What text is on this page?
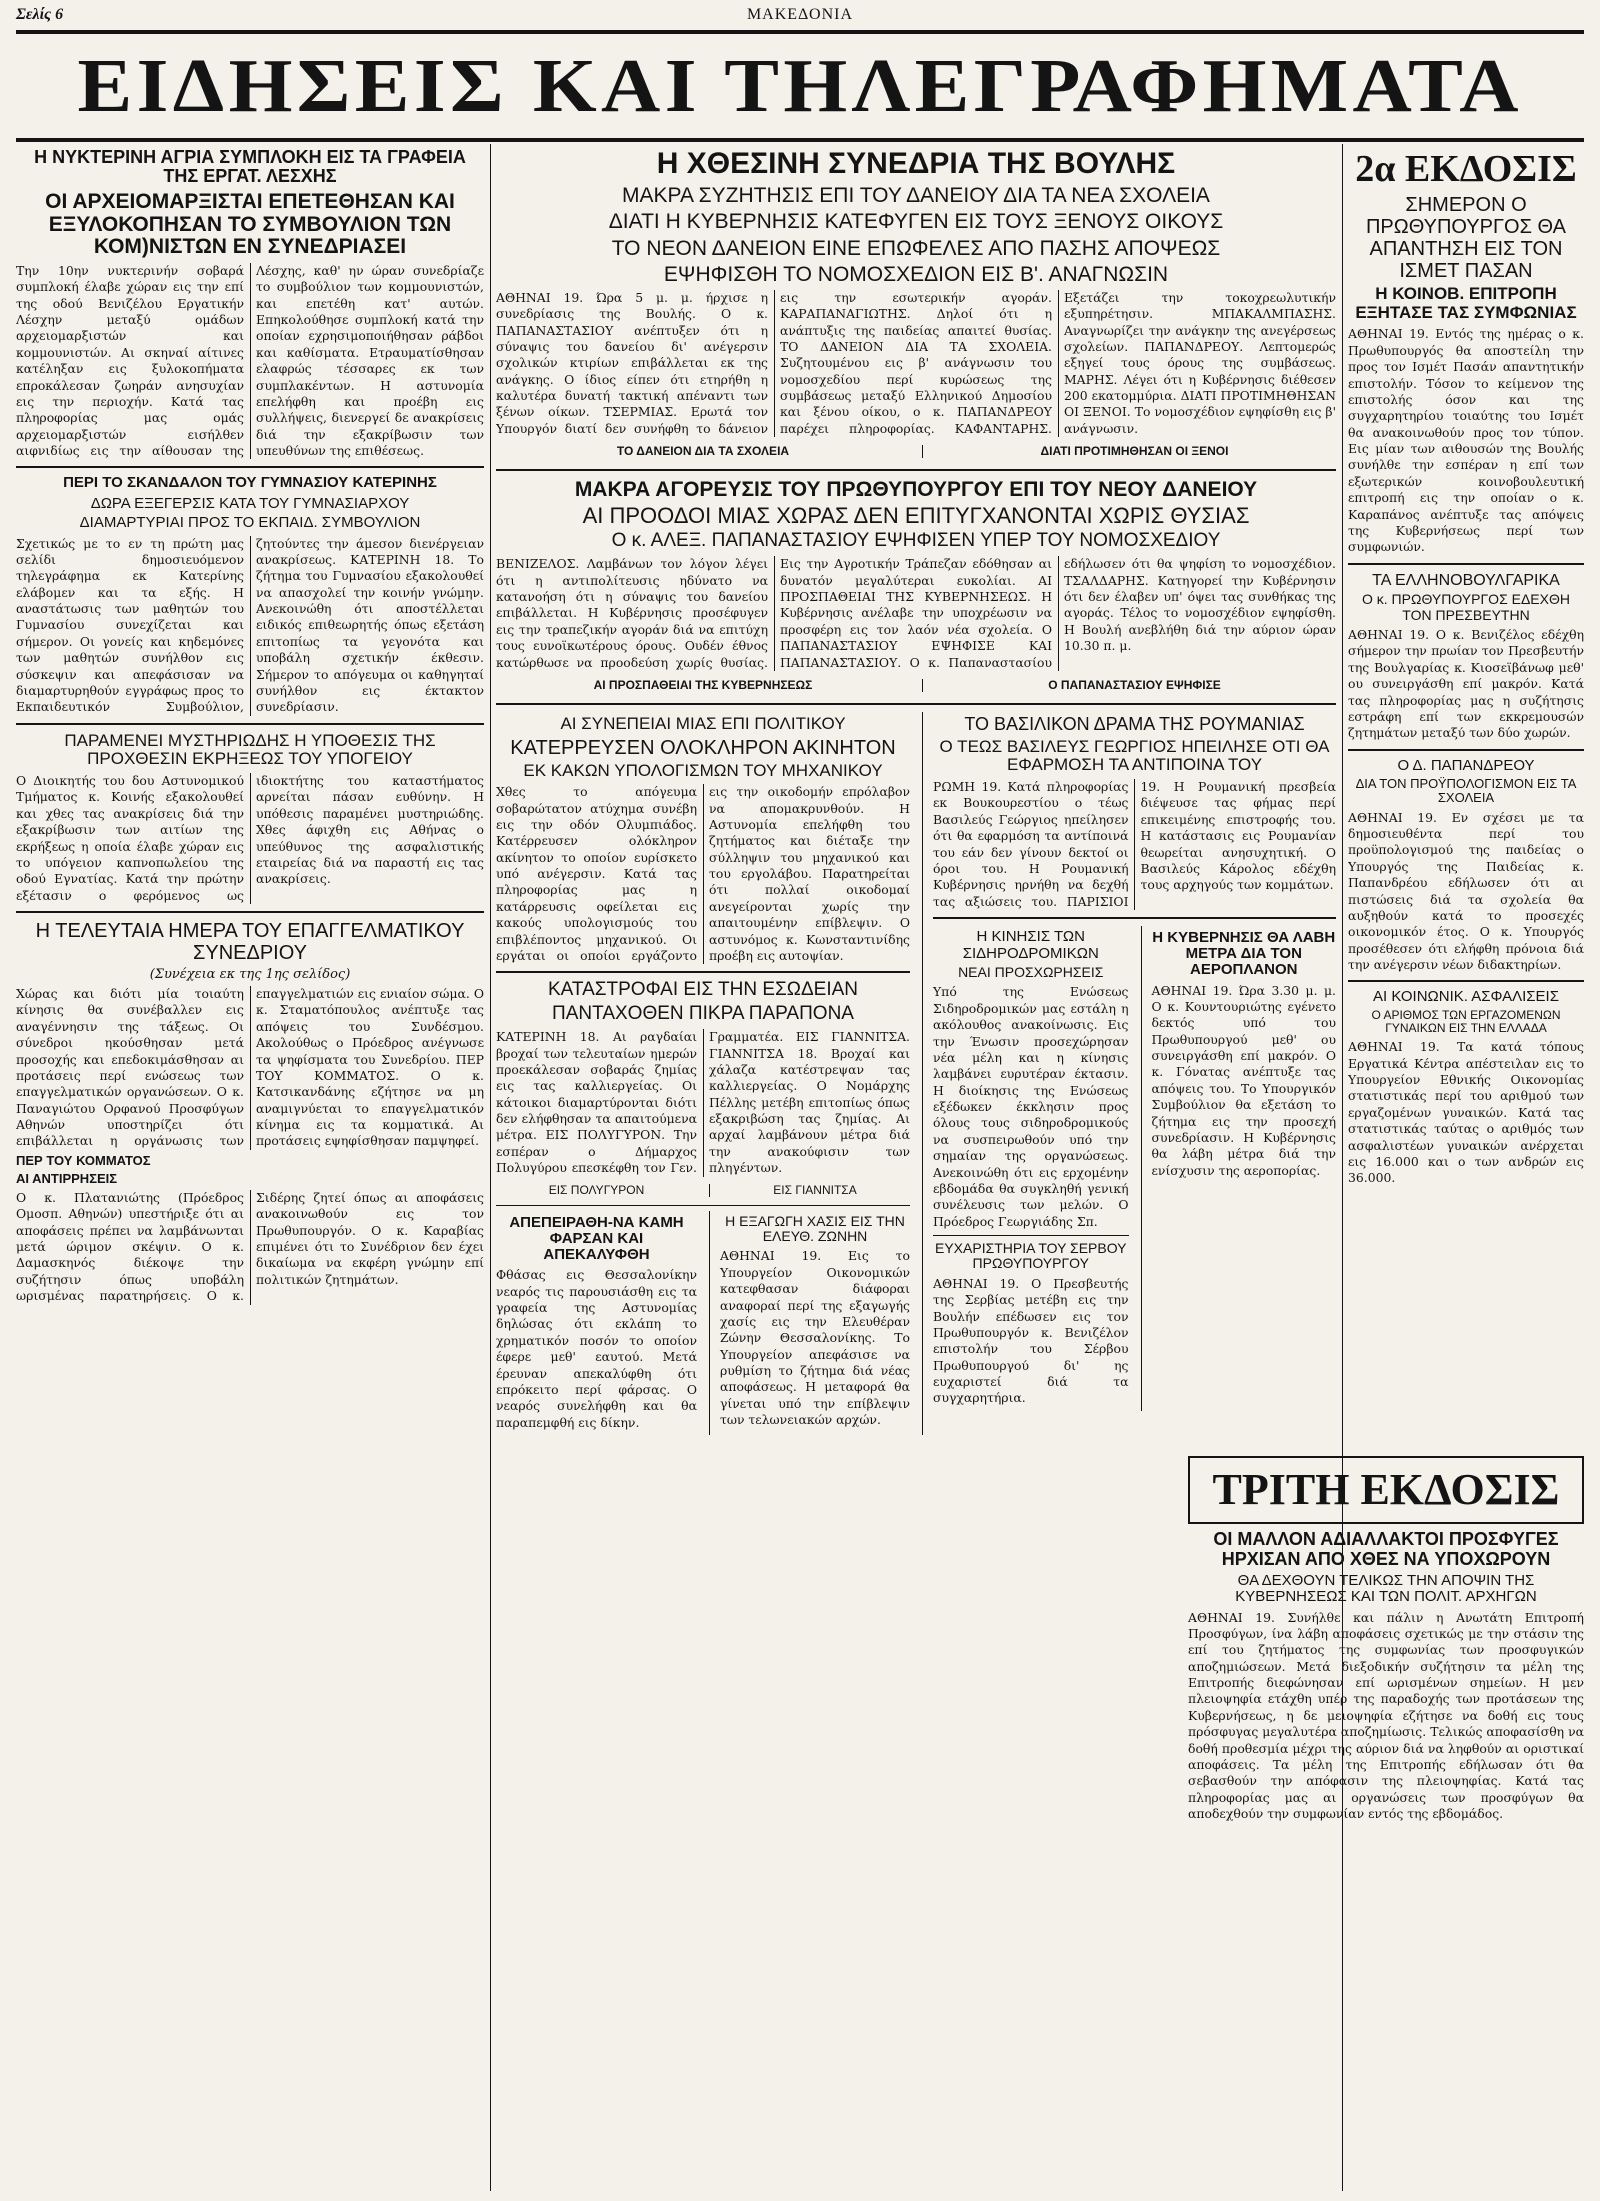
Σελίς 6	ΜΑΚΕΔΟΝΙΑ
ΕΙΔΗΣΕΙΣ ΚΑΙ ΤΗΛΕΓΡΑΦΗΜΑΤΑ
Η ΝΥΚΤΕΡΙΝΗ ΑΓΡΙΑ ΣΥΜΠΛΟΚΗ ΕΙΣ ΤΑ ΓΡΑΦΕΙΑ ΤΗΣ ΕΡΓΑΤ. ΛΕΣΧΗΣ
ΟΙ ΑΡΧΕΙΟΜΑΡΞΙΣΤΑΙ ΕΠΕΤΕΘΗΣΑΝ ΚΑΙ ΕΞΥΛΟΚΟΠΗΣΑΝ ΤΟ ΣΥΜΒΟΥΛΙΟΝ ΤΩΝ ΚΟΜ)ΝΙΣΤΩΝ ΕΝ ΣΥΝΕΔΡΙΑΣΕΙ
Την 10ην νυκτερινήν σοβαρά συμπλοκή έλαβε χώραν εις την επί της οδού Βενιζέλου Εργατικήν Λέσχην μεταξύ ομάδων αρχειομαρξιστών και κομμουνιστών. Αι σκηναί αίτινες κατέληξαν εις ξυλοκοπήματα επροκάλεσαν ζωηράν ανησυχίαν εις την περιοχήν. Κατά τας πληροφορίας μας ομάς αρχειομαρξιστών εισήλθεν αιφνιδίως εις την αίθουσαν της Λέσχης, καθ' ην ώραν συνεδρίαζε το συμβούλιον των κομμουνιστών, και επετέθη κατ' αυτών. Επηκολούθησε συμπλοκή κατά την οποίαν εχρησιμοποιήθησαν ράβδοι και καθίσματα. Ετραυματίσθησαν ελαφρώς τέσσαρες εκ των συμπλακέντων. Η αστυνομία επελήφθη και προέβη εις συλλήψεις, διενεργεί δε ανακρίσεις διά την εξακρίβωσιν των υπευθύνων της επιθέσεως.
ΠΕΡΙ ΤΟ ΣΚΑΝΔΑΛΟΝ ΤΟΥ ΓΥΜΝΑΣΙΟΥ ΚΑΤΕΡΙΝΗΣ
ΔΩΡΑ ΕΞΕΓΕΡΣΙΣ ΚΑΤΑ ΤΟΥ ΓΥΜΝΑΣΙΑΡΧΟΥ
ΔΙΑΜΑΡΤΥΡΙΑΙ ΠΡΟΣ ΤΟ ΕΚΠΑΙΔ. ΣΥΜΒΟΥΛΙΟΝ
Σχετικώς με το εν τη πρώτη μας σελίδι δημοσιευόμενον τηλεγράφημα εκ Κατερίνης ελάβομεν και τα εξής. Η αναστάτωσις των μαθητών του Γυμνασίου συνεχίζεται και σήμερον. Οι γονείς και κηδεμόνες των μαθητών συνήλθον εις σύσκεψιν και απεφάσισαν να διαμαρτυρηθούν εγγράφως προς το Εκπαιδευτικόν Συμβούλιον, ζητούντες την άμεσον διενέργειαν ανακρίσεως. ΚΑΤΕΡΙΝΗ 18. Το ζήτημα του Γυμνασίου εξακολουθεί να απασχολεί την κοινήν γνώμην. Ανεκοινώθη ότι αποστέλλεται ειδικός επιθεωρητής όπως εξετάση επιτοπίως τα γεγονότα και υποβάλη σχετικήν έκθεσιν. Σήμερον το απόγευμα οι καθηγηταί συνήλθον εις έκτακτον συνεδρίασιν.
ΠΑΡΑΜΕΝΕΙ ΜΥΣΤΗΡΙΩΔΗΣ Η ΥΠΟΘΕΣΙΣ ΤΗΣ ΠΡΟΧΘΕΣΙΝ ΕΚΡΗΞΕΩΣ ΤΟΥ ΥΠΟΓΕΙΟΥ
Ο Διοικητής του δου Αστυνομικού Τμήματος κ. Κοινής εξακολουθεί και χθες τας ανακρίσεις διά την εξακρίβωσιν των αιτίων της εκρήξεως η οποία έλαβε χώραν εις το υπόγειον καπνοπωλείου της οδού Εγνατίας. Κατά την πρώτην εξέτασιν ο φερόμενος ως ιδιοκτήτης του καταστήματος αρνείται πάσαν ευθύνην. Η υπόθεσις παραμένει μυστηριώδης. Χθες άφιχθη εις Αθήνας ο υπεύθυνος της ασφαλιστικής εταιρείας διά να παραστή εις τας ανακρίσεις.
Η ΤΕΛΕΥΤΑΙΑ ΗΜΕΡΑ ΤΟΥ ΕΠΑΓΓΕΛΜΑΤΙΚΟΥ ΣΥΝΕΔΡΙΟΥ
(Συνέχεια εκ της 1ης σελίδος)
Χώρας και διότι μία τοιαύτη κίνησις θα συνέβαλλεν εις αναγέννησιν της τάξεως. Οι σύνεδροι ηκούσθησαν μετά προσοχής και επεδοκιμάσθησαν αι προτάσεις περί ενώσεως των επαγγελματικών οργανώσεων. Ο κ. Παναγιώτου Ορφανού Προσφύγων Αθηνών υποστηρίζει ότι επιβάλλεται η οργάνωσις των επαγγελματιών εις ενιαίον σώμα. Ο κ. Σταματόπουλος ανέπτυξε τας απόψεις του Συνδέσμου. Ακολούθως ο Πρόεδρος ανέγνωσε τα ψηφίσματα του Συνεδρίου. ΠΕΡ ΤΟΥ ΚΟΜΜΑΤΟΣ. Ο κ. Κατσικανδάνης εζήτησε να μη αναμιγνύεται το επαγγελματικόν κίνημα εις τα κομματικά. Αι προτάσεις εψηφίσθησαν παμψηφεί.
ΠΕΡ ΤΟΥ ΚΟΜΜΑΤΟΣ
ΑΙ ΑΝΤΙΡΡΗΣΕΙΣ
Ο κ. Πλατανιώτης (Πρόεδρος Ομοσπ. Αθηνών) υπεστήριξε ότι αι αποφάσεις πρέπει να λαμβάνωνται μετά ώριμον σκέψιν. Ο κ. Δαμασκηνός διέκοψε την συζήτησιν όπως υποβάλη ωρισμένας παρατηρήσεις. Ο κ. Σιδέρης ζητεί όπως αι αποφάσεις ανακοινωθούν εις τον Πρωθυπουργόν. Ο κ. Καραβίας επιμένει ότι το Συνέδριον δεν έχει δικαίωμα να εκφέρη γνώμην επί πολιτικών ζητημάτων.
Η ΧΘΕΣΙΝΗ ΣΥΝΕΔΡΙΑ ΤΗΣ ΒΟΥΛΗΣ
ΜΑΚΡΑ ΣΥΖΗΤΗΣΙΣ ΕΠΙ ΤΟΥ ΔΑΝΕΙΟΥ ΔΙΑ ΤΑ ΝΕΑ ΣΧΟΛΕΙΑ
ΔΙΑΤΙ Η ΚΥΒΕΡΝΗΣΙΣ ΚΑΤΕΦΥΓΕΝ ΕΙΣ ΤΟΥΣ ΞΕΝΟΥΣ ΟΙΚΟΥΣ
ΤΟ ΝΕΟΝ ΔΑΝΕΙΟΝ ΕΙΝΕ ΕΠΩΦΕΛΕΣ ΑΠΟ ΠΑΣΗΣ ΑΠΟΨΕΩΣ
ΕΨΗΦΙΣΘΗ ΤΟ ΝΟΜΟΣΧΕΔΙΟΝ ΕΙΣ Β'. ΑΝΑΓΝΩΣΙΝ
ΑΘΗΝΑΙ 19. Ώρα 5 μ. μ. ήρχισε η συνεδρίασις της Βουλής. Ο κ. ΠΑΠΑΝΑΣΤΑΣΙΟΥ ανέπτυξεν ότι η σύναψις του δανείου δι' ανέγερσιν σχολικών κτιρίων επιβάλλεται εκ της ανάγκης. Ο ίδιος είπεν ότι ετηρήθη η καλυτέρα δυνατή τακτική απέναντι των ξένων οίκων. ΤΣΕΡΜΙΑΣ. Ερωτά τον Υπουργόν διατί δεν συνήφθη το δάνειον εις την εσωτερικήν αγοράν. ΚΑΡΑΠΑΝΑΓΙΩΤΗΣ. Δηλοί ότι η ανάπτυξις της παιδείας απαιτεί θυσίας. ΤΟ ΔΑΝΕΙΟΝ ΔΙΑ ΤΑ ΣΧΟΛΕΙΑ. Συζητουμένου εις β' ανάγνωσιν του νομοσχεδίου περί κυρώσεως της συμβάσεως μεταξύ Ελληνικού Δημοσίου και ξένου οίκου, ο κ. ΠΑΠΑΝΔΡΕΟΥ παρέχει πληροφορίας. ΚΑΦΑΝΤΑΡΗΣ. Εξετάζει την τοκοχρεωλυτικήν εξυπηρέτησιν. ΜΠΑΚΑΛΜΠΑΣΗΣ. Αναγνωρίζει την ανάγκην της ανεγέρσεως σχολείων. ΠΑΠΑΝΔΡΕΟΥ. Λεπτομερώς εξηγεί τους όρους της συμβάσεως. ΜΑΡΗΣ. Λέγει ότι η Κυβέρνησις διέθεσεν 200 εκατομμύρια. ΔΙΑΤΙ ΠΡΟΤΙΜΗΘΗΣΑΝ ΟΙ ΞΕΝΟΙ. Το νομοσχέδιον εψηφίσθη εις β' ανάγνωσιν.
ΤΟ ΔΑΝΕΙΟΝ ΔΙΑ ΤΑ ΣΧΟΛΕΙΑ	ΔΙΑΤΙ ΠΡΟΤΙΜΗΘΗΣΑΝ ΟΙ ΞΕΝΟΙ
ΜΑΚΡΑ ΑΓΟΡΕΥΣΙΣ ΤΟΥ ΠΡΩΘΥΠΟΥΡΓΟΥ ΕΠΙ ΤΟΥ ΝΕΟΥ ΔΑΝΕΙΟΥ
ΑΙ ΠΡΟΟΔΟΙ ΜΙΑΣ ΧΩΡΑΣ ΔΕΝ ΕΠΙΤΥΓΧΑΝΟΝΤΑΙ ΧΩΡΙΣ ΘΥΣΙΑΣ
Ο κ. ΑΛΕΞ. ΠΑΠΑΝΑΣΤΑΣΙΟΥ ΕΨΗΦΙΣΕΝ ΥΠΕΡ ΤΟΥ ΝΟΜΟΣΧΕΔΙΟΥ
ΒΕΝΙΖΕΛΟΣ. Λαμβάνων τον λόγον λέγει ότι η αντιπολίτευσις ηδύνατο να κατανοήση ότι η σύναψις του δανείου επιβάλλεται. Η Κυβέρνησις προσέφυγεν εις την τραπεζικήν αγοράν διά να επιτύχη τους ευνοϊκωτέρους όρους. Ουδέν έθνος κατώρθωσε να προοδεύση χωρίς θυσίας. Εις την Αγροτικήν Τράπεζαν εδόθησαν αι δυνατόν μεγαλύτεραι ευκολίαι. ΑΙ ΠΡΟΣΠΑΘΕΙΑΙ ΤΗΣ ΚΥΒΕΡΝΗΣΕΩΣ. Η Κυβέρνησις ανέλαβε την υποχρέωσιν να προσφέρη εις τον λαόν νέα σχολεία. Ο ΠΑΠΑΝΑΣΤΑΣΙΟΥ ΕΨΗΦΙΣΕ ΚΑΙ ΠΑΠΑΝΑΣΤΑΣΙΟΥ. Ο κ. Παπαναστασίου εδήλωσεν ότι θα ψηφίση το νομοσχέδιον. ΤΣΑΛΔΑΡΗΣ. Κατηγορεί την Κυβέρνησιν ότι δεν έλαβεν υπ' όψει τας συνθήκας της αγοράς. Τέλος το νομοσχέδιον εψηφίσθη. Η Βουλή ανεβλήθη διά την αύριον ώραν 10.30 π. μ.
ΑΙ ΠΡΟΣΠΑΘΕΙΑΙ ΤΗΣ ΚΥΒΕΡΝΗΣΕΩΣ	Ο ΠΑΠΑΝΑΣΤΑΣΙΟΥ ΕΨΗΦΙΣΕ
ΑΙ ΣΥΝΕΠΕΙΑΙ ΜΙΑΣ ΕΠΙ ΠΟΛΙΤΙΚΟΥ
ΚΑΤΕΡΡΕΥΣΕΝ ΟΛΟΚΛΗΡΟΝ ΑΚΙΝΗΤΟΝ
ΕΚ ΚΑΚΩΝ ΥΠΟΛΟΓΙΣΜΩΝ ΤΟΥ ΜΗΧΑΝΙΚΟΥ
Χθες το απόγευμα σοβαρώτατον ατύχημα συνέβη εις την οδόν Ολυμπιάδος. Κατέρρευσεν ολόκληρον ακίνητον το οποίον ευρίσκετο υπό ανέγερσιν. Κατά τας πληροφορίας μας η κατάρρευσις οφείλεται εις κακούς υπολογισμούς του επιβλέποντος μηχανικού. Οι εργάται οι οποίοι εργάζοντο εις την οικοδομήν επρόλαβον να απομακρυνθούν. Η Αστυνομία επελήφθη του ζητήματος και διέταξε την σύλληψιν του μηχανικού και του εργολάβου. Παρατηρείται ότι πολλαί οικοδομαί ανεγείρονται χωρίς την απαιτουμένην επίβλεψιν. Ο αστυνόμος κ. Κωνσταντινίδης προέβη εις αυτοψίαν.
ΚΑΤΑΣΤΡΟΦΑΙ ΕΙΣ ΤΗΝ ΕΣΩΔΕΙΑΝ
ΠΑΝΤΑΧΟΘΕΝ ΠΙΚΡΑ ΠΑΡΑΠΟΝΑ
ΚΑΤΕΡΙΝΗ 18. Αι ραγδαίαι βροχαί των τελευταίων ημερών προεκάλεσαν σοβαράς ζημίας εις τας καλλιεργείας. Οι κάτοικοι διαμαρτύρονται διότι δεν ελήφθησαν τα απαιτούμενα μέτρα. ΕΙΣ ΠΟΛΥΓΥΡΟΝ. Την εσπέραν ο Δήμαρχος Πολυγύρου επεσκέφθη τον Γεν. Γραμματέα. ΕΙΣ ΓΙΑΝΝΙΤΣΑ. ΓΙΑΝΝΙΤΣΑ 18. Βροχαί και χάλαζα κατέστρεψαν τας καλλιεργείας. Ο Νομάρχης Πέλλης μετέβη επιτοπίως όπως εξακριβώση τας ζημίας. Αι αρχαί λαμβάνουν μέτρα διά την ανακούφισιν των πληγέντων.
ΕΙΣ ΠΟΛΥΓΥΡΟΝ	ΕΙΣ ΓΙΑΝΝΙΤΣΑ
ΑΠΕΠΕΙΡΑΘΗ-ΝΑ ΚΑΜΗ ΦΑΡΣΑΝ ΚΑΙ ΑΠΕΚΑΛΥΦΘΗ
Φθάσας εις Θεσσαλονίκην νεαρός τις παρουσιάσθη εις τα γραφεία της Αστυνομίας δηλώσας ότι εκλάπη το χρηματικόν ποσόν το οποίον έφερε μεθ' εαυτού. Μετά έρευναν απεκαλύφθη ότι επρόκειτο περί φάρσας. Ο νεαρός συνελήφθη και θα παραπεμφθή εις δίκην.
Η ΕΞΑΓΩΓΗ ΧΑΣΙΣ ΕΙΣ ΤΗΝ ΕΛΕΥΘ. ΖΩΝΗΝ
ΑΘΗΝΑΙ 19. Εις το Υπουργείον Οικονομικών κατεφθασαν διάφοραι αναφοραί περί της εξαγωγής χασίς εις την Ελευθέραν Ζώνην Θεσσαλονίκης. Το Υπουργείον απεφάσισε να ρυθμίση το ζήτημα διά νέας αποφάσεως. Η μεταφορά θα γίνεται υπό την επίβλεψιν των τελωνειακών αρχών.
ΤΟ ΒΑΣΙΛΙΚΟΝ ΔΡΑΜΑ ΤΗΣ ΡΟΥΜΑΝΙΑΣ
Ο ΤΕΩΣ ΒΑΣΙΛΕΥΣ ΓΕΩΡΓΙΟΣ ΗΠΕΙΛΗΣΕ ΟΤΙ ΘΑ ΕΦΑΡΜΟΣΗ ΤΑ ΑΝΤΙΠΟΙΝΑ ΤΟΥ
ΡΩΜΗ 19. Κατά πληροφορίας εκ Βουκουρεστίου ο τέως Βασιλεύς Γεώργιος ηπείλησεν ότι θα εφαρμόση τα αντίποινά του εάν δεν γίνουν δεκτοί οι όροι του. Η Ρουμανική Κυβέρνησις ηρνήθη να δεχθή τας αξιώσεις του. ΠΑΡΙΣΙΟΙ 19. Η Ρουμανική πρεσβεία διέψευσε τας φήμας περί επικειμένης επιστροφής του. Η κατάστασις εις Ρουμανίαν θεωρείται ανησυχητική. Ο Βασιλεύς Κάρολος εδέχθη τους αρχηγούς των κομμάτων.
Η ΚΙΝΗΣΙΣ ΤΩΝ ΣΙΔΗΡΟΔΡΟΜΙΚΩΝ
ΝΕΑΙ ΠΡΟΣΧΩΡΗΣΕΙΣ
Υπό της Ενώσεως Σιδηροδρομικών μας εστάλη η ακόλουθος ανακοίνωσις. Εις την Ένωσιν προσεχώρησαν νέα μέλη και η κίνησις λαμβάνει ευρυτέραν έκτασιν. Η διοίκησις της Ενώσεως εξέδωκεν έκκλησιν προς όλους τους σιδηροδρομικούς να συσπειρωθούν υπό την σημαίαν της οργανώσεως. Ανεκοινώθη ότι εις ερχομένην εβδομάδα θα συγκληθή γενική συνέλευσις των μελών. Ο Πρόεδρος Γεωργιάδης Σπ.
ΕΥΧΑΡΙΣΤΗΡΙΑ ΤΟΥ ΣΕΡΒΟΥ ΠΡΩΘΥΠΟΥΡΓΟΥ
ΑΘΗΝΑΙ 19. Ο Πρεσβευτής της Σερβίας μετέβη εις την Βουλήν επέδωσεν εις τον Πρωθυπουργόν κ. Βενιζέλον επιστολήν του Σέρβου Πρωθυπουργού δι' ης ευχαριστεί διά τα συγχαρητήρια.
Η ΚΥΒΕΡΝΗΣΙΣ ΘΑ ΛΑΒΗ ΜΕΤΡΑ ΔΙΑ ΤΟΝ ΑΕΡΟΠΛΑΝΟΝ
ΑΘΗΝΑΙ 19. Ώρα 3.30 μ. μ. Ο κ. Κουντουριώτης εγένετο δεκτός υπό του Πρωθυπουργού μεθ' ου συνειργάσθη επί μακρόν. Ο κ. Γόνατας ανέπτυξε τας απόψεις του. Το Υπουργικόν Συμβούλιον θα εξετάση το ζήτημα εις την προσεχή συνεδρίασιν. Η Κυβέρνησις θα λάβη μέτρα διά την ενίσχυσιν της αεροπορίας.
2α ΕΚΔΟΣΙΣ
ΣΗΜΕΡΟΝ Ο ΠΡΩΘΥΠΟΥΡΓΟΣ ΘΑ ΑΠΑΝΤΗΣΗ ΕΙΣ ΤΟΝ ΙΣΜΕΤ ΠΑΣΑΝ
Η ΚΟΙΝΟΒ. ΕΠΙΤΡΟΠΗ ΕΞΗΤΑΣΕ ΤΑΣ ΣΥΜΦΩΝΙΑΣ
ΑΘΗΝΑΙ 19. Εντός της ημέρας ο κ. Πρωθυπουργός θα αποστείλη την προς τον Ισμέτ Πασάν απαντητικήν επιστολήν. Τόσον το κείμενον της επιστολής όσον και της συγχαρητηρίου τοιαύτης του Ισμέτ θα ανακοινωθούν προς τον τύπον. Εις μίαν των αιθουσών της Βουλής συνήλθε την εσπέραν η επί των εξωτερικών κοινοβουλευτική επιτροπή εις την οποίαν ο κ. Καραπάνος ανέπτυξε τας απόψεις της Κυβερνήσεως περί των συμφωνιών.
ΤΑ ΕΛΛΗΝΟΒΟΥΛΓΑΡΙΚΑ
Ο κ. ΠΡΩΘΥΠΟΥΡΓΟΣ ΕΔΕΧΘΗ ΤΟΝ ΠΡΕΣΒΕΥΤΗΝ
ΑΘΗΝΑΙ 19. Ο κ. Βενιζέλος εδέχθη σήμερον την πρωίαν τον Πρεσβευτήν της Βουλγαρίας κ. Κιοσεϊβάνωφ μεθ' ου συνειργάσθη επί μακρόν. Κατά τας πληροφορίας μας η συζήτησις εστράφη επί των εκκρεμουσών ζητημάτων μεταξύ των δύο χωρών.
Ο Δ. ΠΑΠΑΝΔΡΕΟΥ
ΔΙΑ ΤΟΝ ΠΡΟΫΠΟΛΟΓΙΣΜΟΝ ΕΙΣ ΤΑ ΣΧΟΛΕΙΑ
ΑΘΗΝΑΙ 19. Εν σχέσει με τα δημοσιευθέντα περί του προϋπολογισμού της παιδείας ο Υπουργός της Παιδείας κ. Παπανδρέου εδήλωσεν ότι αι πιστώσεις διά τα σχολεία θα αυξηθούν κατά το προσεχές οικονομικόν έτος. Ο κ. Υπουργός προσέθεσεν ότι ελήφθη πρόνοια διά την ανέγερσιν νέων διδακτηρίων.
ΑΙ ΚΟΙΝΩΝΙΚ. ΑΣΦΑΛΙΣΕΙΣ
Ο ΑΡΙΘΜΟΣ ΤΩΝ ΕΡΓΑΖΟΜΕΝΩΝ ΓΥΝΑΙΚΩΝ ΕΙΣ ΤΗΝ ΕΛΛΑΔΑ
ΑΘΗΝΑΙ 19. Τα κατά τόπους Εργατικά Κέντρα απέστειλαν εις το Υπουργείον Εθνικής Οικονομίας στατιστικάς περί του αριθμού των εργαζομένων γυναικών. Κατά τας στατιστικάς ταύτας ο αριθμός των ασφαλιστέων γυναικών ανέρχεται εις 16.000 και ο των ανδρών εις 36.000.
ΤΡΙΤΗ ΕΚΔΟΣΙΣ
ΟΙ ΜΑΛΛΟΝ ΑΔΙΑΛΛΑΚΤΟΙ ΠΡΟΣΦΥΓΕΣ ΗΡΧΙΣΑΝ ΑΠΟ ΧΘΕΣ ΝΑ ΥΠΟΧΩΡΟΥΝ
ΘΑ ΔΕΧΘΟΥΝ ΤΕΛΙΚΩΣ ΤΗΝ ΑΠΟΨΙΝ ΤΗΣ ΚΥΒΕΡΝΗΣΕΩΣ ΚΑΙ ΤΩΝ ΠΟΛΙΤ. ΑΡΧΗΓΩΝ
ΑΘΗΝΑΙ 19. Συνήλθε και πάλιν η Ανωτάτη Επιτροπή Προσφύγων, ίνα λάβη αποφάσεις σχετικώς με την στάσιν της επί του ζητήματος της συμφωνίας των προσφυγικών αποζημιώσεων. Μετά διεξοδικήν συζήτησιν τα μέλη της Επιτροπής διεφώνησαν επί ωρισμένων σημείων. Η μεν πλειοψηφία ετάχθη υπέρ της παραδοχής των προτάσεων της Κυβερνήσεως, η δε μειοψηφία εζήτησε να δοθή εις τους πρόσφυγας μεγαλυτέρα αποζημίωσις. Τελικώς αποφασίσθη να δοθή προθεσμία μέχρι της αύριον διά να ληφθούν αι οριστικαί αποφάσεις. Τα μέλη της Επιτροπής εδήλωσαν ότι θα σεβασθούν την απόφασιν της πλειοψηφίας. Κατά τας πληροφορίας μας αι οργανώσεις των προσφύγων θα αποδεχθούν την συμφωνίαν εντός της εβδομάδος.
